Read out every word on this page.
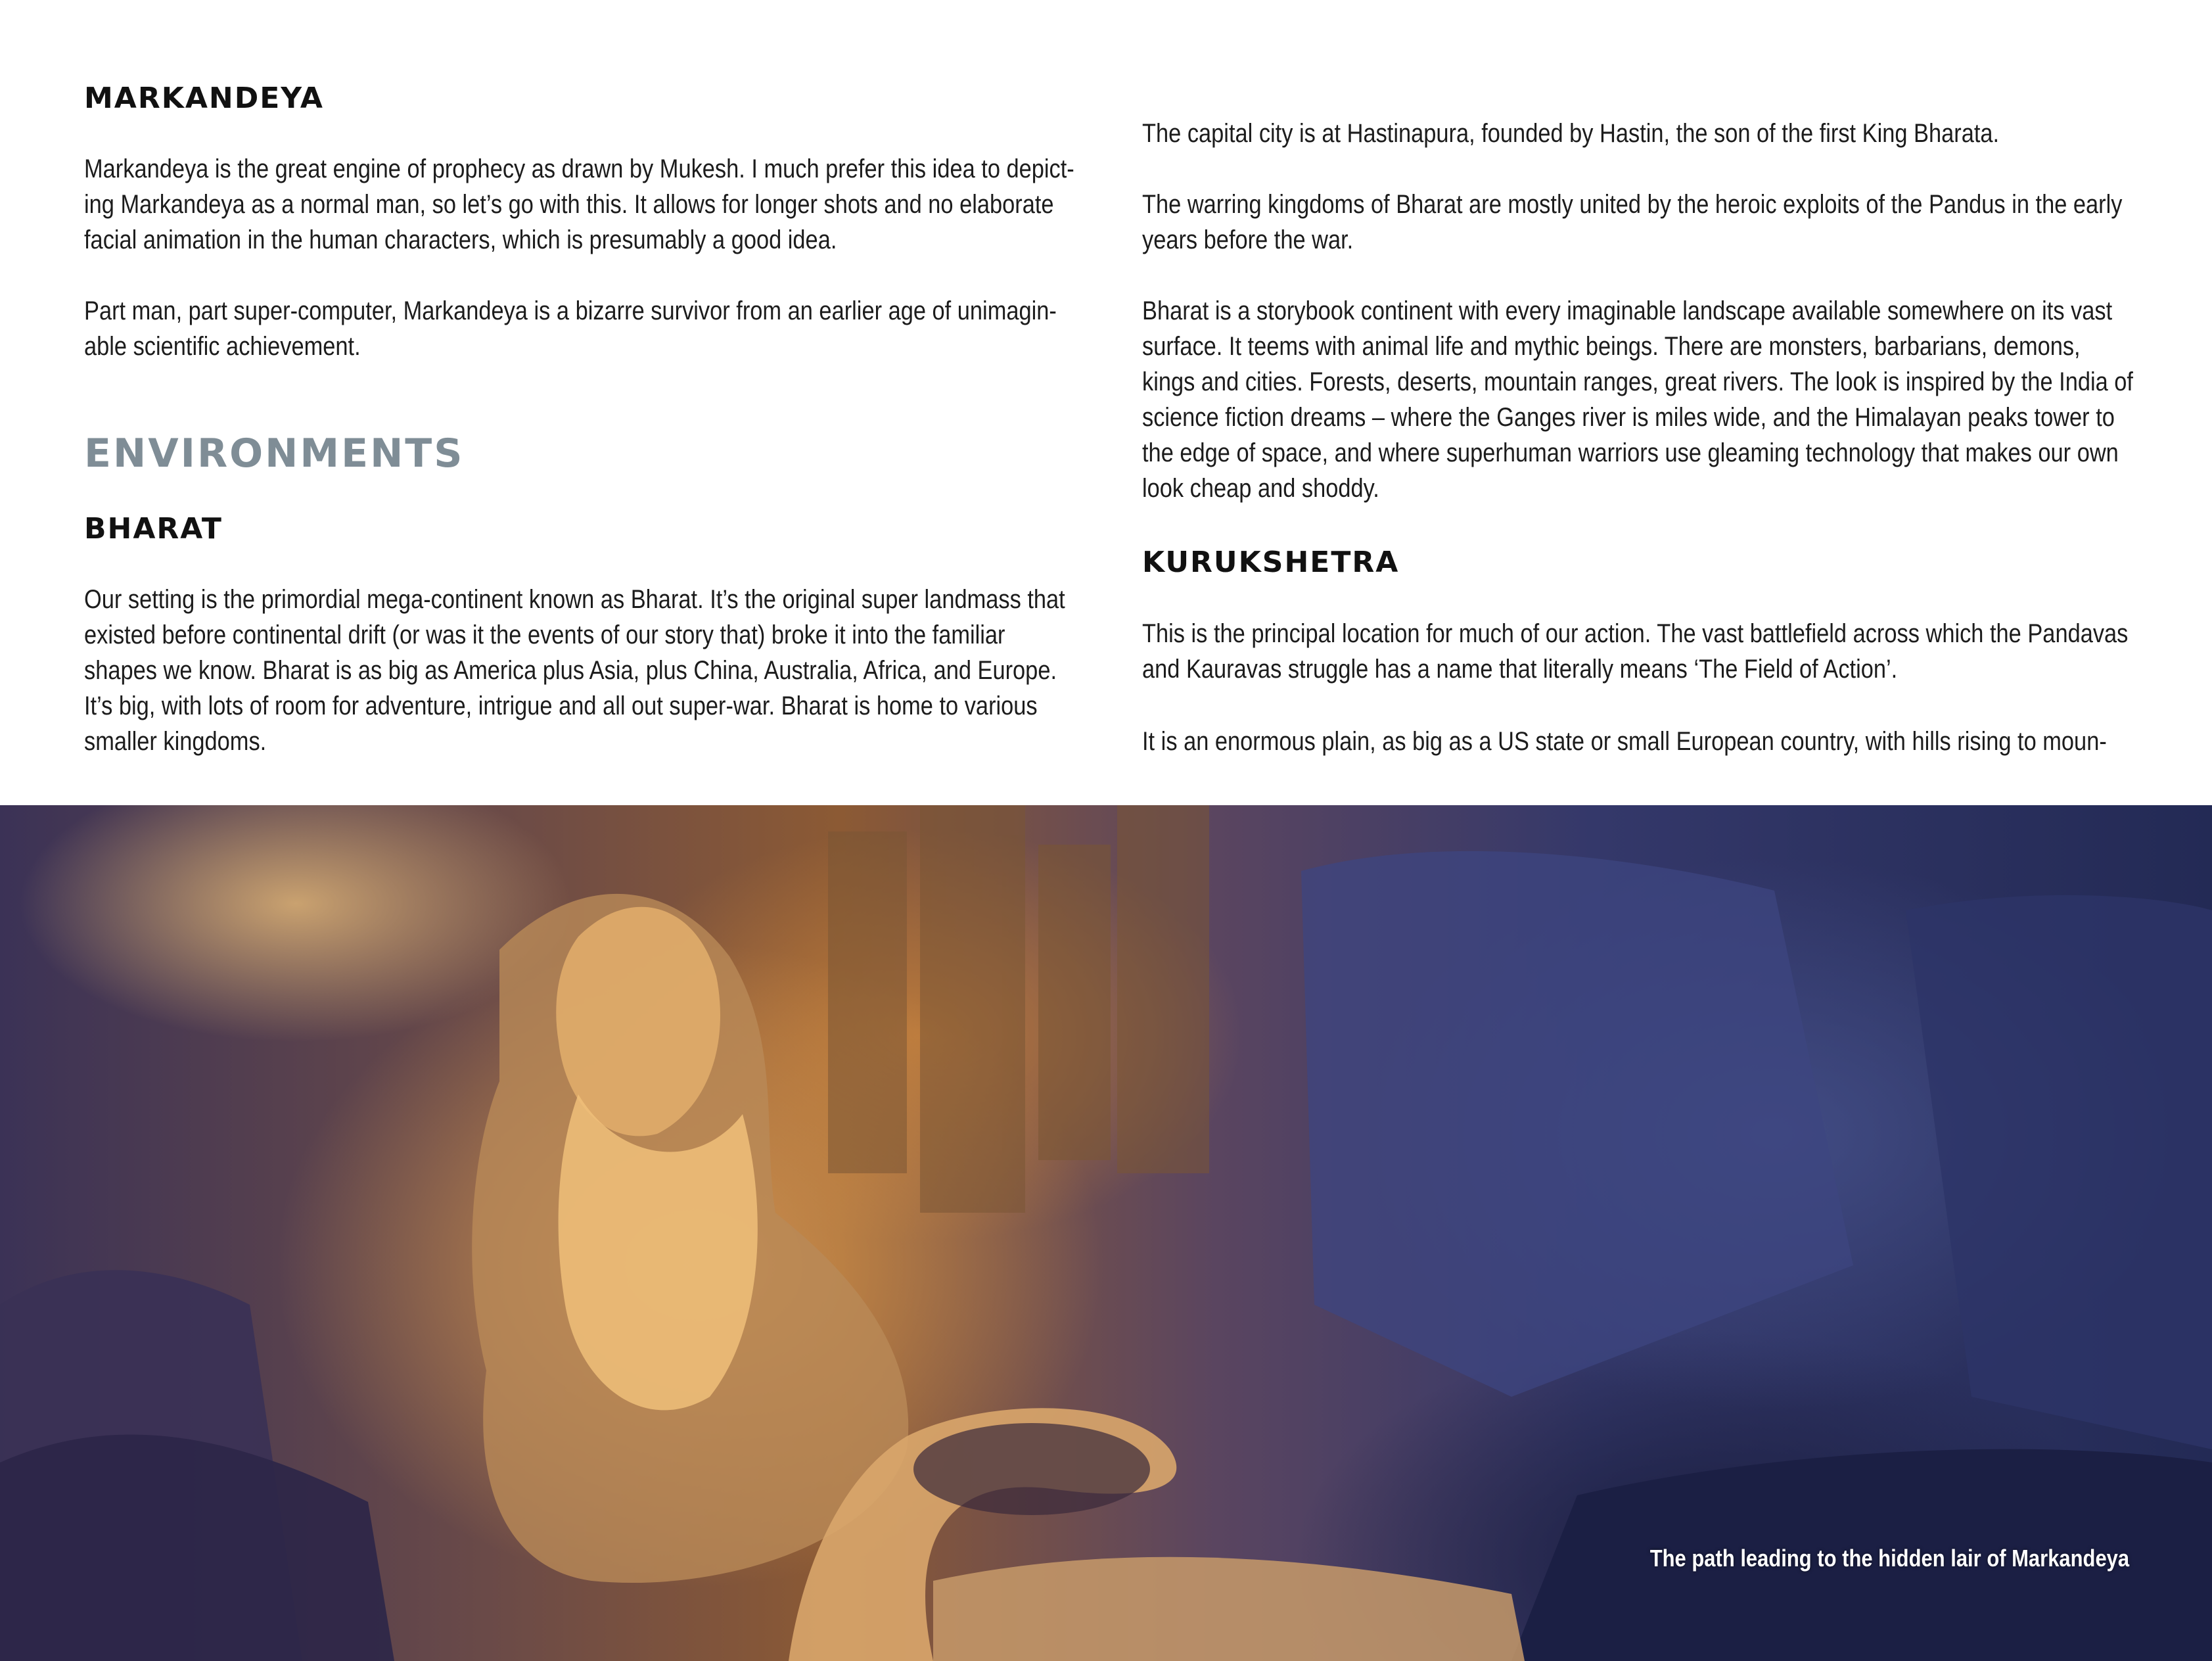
MARKANDEYA
Markandeya is the great engine of prophecy as drawn by Mukesh. I much prefer this idea to depict-
ing Markandeya as a normal man, so let’s go with this. It allows for longer shots and no elaborate
facial animation in the human characters, which is presumably a good idea.
Part man, part super-computer, Markandeya is a bizarre survivor from an earlier age of unimagin-
able scientific achievement.
ENVIRONMENTS
BHARAT
Our setting is the primordial mega-continent known as Bharat. It’s the original super landmass that
existed before continental drift (or was it the events of our story that) broke it into the familiar
shapes we know. Bharat is as big as America plus Asia, plus China, Australia, Africa, and Europe.
It’s big, with lots of room for adventure, intrigue and all out super-war. Bharat is home to various
smaller kingdoms.
The capital city is at Hastinapura, founded by Hastin, the son of the first King Bharata.
The warring kingdoms of Bharat are mostly united by the heroic exploits of the Pandus in the early
years before the war.
Bharat is a storybook continent with every imaginable landscape available somewhere on its vast
surface. It teems with animal life and mythic beings. There are monsters, barbarians, demons,
kings and cities. Forests, deserts, mountain ranges, great rivers. The look is inspired by the India of
science fiction dreams – where the Ganges river is miles wide, and the Himalayan peaks tower to
the edge of space, and where superhuman warriors use gleaming technology that makes our own
look cheap and shoddy.
KURUKSHETRA
This is the principal location for much of our action. The vast battlefield across which the Pandavas
and Kauravas struggle has a name that literally means ‘The Field of Action’.
It is an enormous plain, as big as a US state or small European country, with hills rising to moun-

The path leading to the hidden lair of Markandeya
